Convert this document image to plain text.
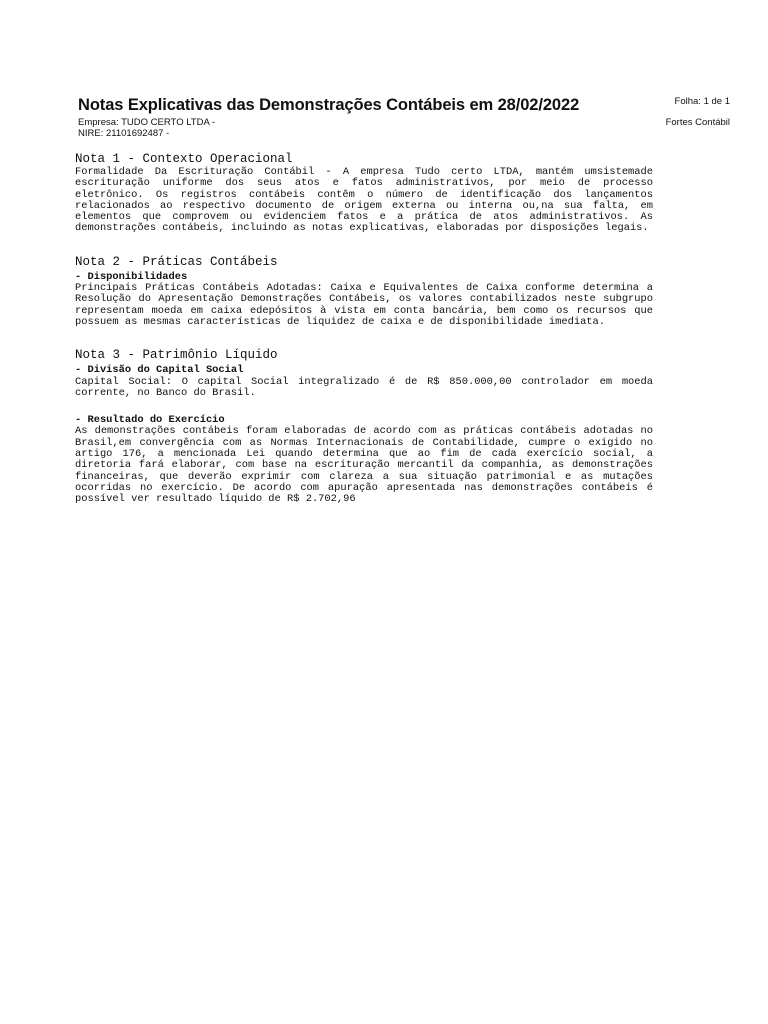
Notas Explicativas das Demonstrações Contábeis em 28/02/2022
Empresa: TUDO CERTO LTDA -
NIRE: 21101692487 -
Folha: 1 de 1
Fortes Contábil
Nota 1 - Contexto Operacional

Formalidade Da Escrituração Contábil - A empresa Tudo certo LTDA, mantém umsistemade escrituração uniforme dos seus atos e fatos administrativos, por meio de processo eletrônico. Os registros contábeis contêm o número de identificação dos lançamentos relacionados ao respectivo documento de origem externa ou interna ou,na sua falta, em elementos que comprovem ou evidenciem fatos e a prática de atos administrativos. As demonstrações contábeis, incluindo as notas explicativas, elaboradas por disposições legais.

Nota 2 - Práticas Contábeis
- Disponibilidades

Principais Práticas Contábeis Adotadas: Caixa e Equivalentes de Caixa conforme determina a Resolução do Apresentação Demonstrações Contábeis, os valores contabilizados neste subgrupo representam moeda em caixa edepósitos à vista em conta bancária, bem como os recursos que possuem as mesmas características de liquidez de caixa e de disponibilidade imediata.

Nota 3 - Patrimônio Líquido
- Divisão do Capital Social

Capital Social: O capital Social integralizado é de R$ 850.000,00 controlador em moeda corrente, no Banco do Brasil.

- Resultado do Exercício

As demonstrações contábeis foram elaboradas de acordo com as práticas contábeis adotadas no Brasil,em convergência com as Normas Internacionais de Contabilidade, cumpre o exigido no artigo 176, a mencionada Lei quando determina que ao fim de cada exercício social, a diretoria fará elaborar, com base na escrituração mercantil da companhia, as demonstrações financeiras, que deverão exprimir com clareza a sua situação patrimonial e as mutações ocorridas no exercício. De acordo com apuração apresentada nas demonstrações contábeis é possível ver resultado líquido de R$ 2.702,96
